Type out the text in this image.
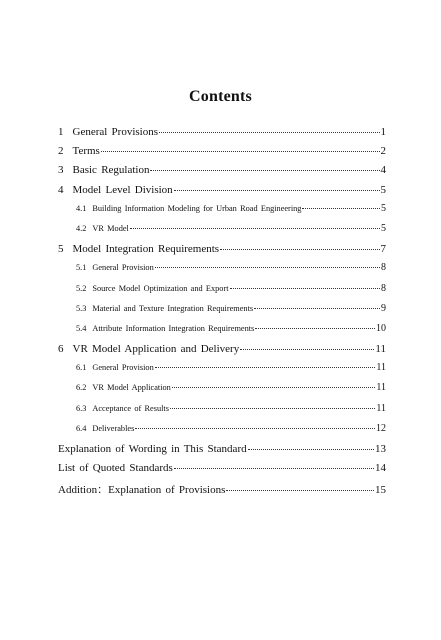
Contents
1 General Provisions	1
2 Terms	2
3 Basic Regulation	4
4 Model Level Division	5
4.1 Building Information Modeling for Urban Road Engineering	5
4.2 VR Model	5
5 Model Integration Requirements	7
5.1 General Provision	8
5.2 Source Model Optimization and Export	8
5.3 Material and Texture Integration Requirements	9
5.4 Attribute Information Integration Requirements	10
6 VR Model Application and Delivery	11
6.1 General Provision	11
6.2 VR Model Application	11
6.3 Acceptance of Results	11
6.4 Deliverables	12
Explanation of Wording in This Standard	13
List of Quoted Standards	14
Addition：Explanation of Provisions	15
